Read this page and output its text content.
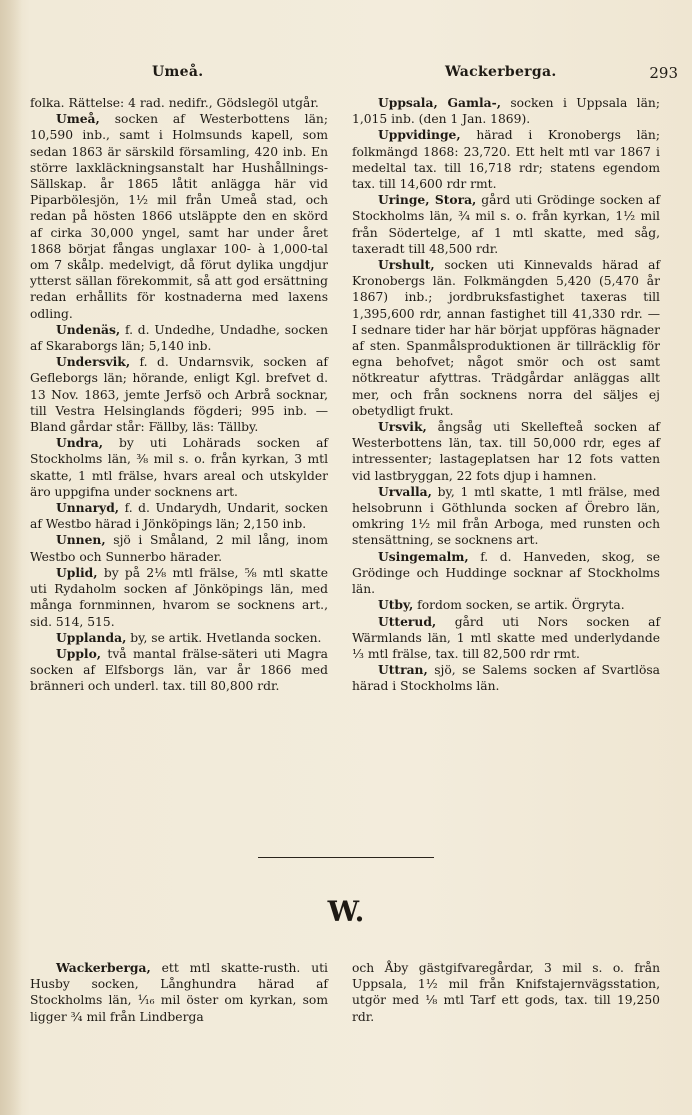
Umeå.	Wackerberga.	293

folka. Rättelse: 4 rad. nedifr., Gödslegöl utgår.

Umeå, socken af Westerbottens län; 10,590 inb., samt i Holmsunds kapell, som sedan 1863 är särskild församling, 420 inb. En större laxkläckningsanstalt har Hushållnings-Sällskap. år 1865 låtit anlägga här vid Piparbölesjön, 1½ mil från Umeå stad, och redan på hösten 1866 utsläppte den en skörd af cirka 30,000 yngel, samt har under året 1868 börjat fångas unglaxar 100- à 1,000-tal om 7 skålp. medelvigt, då förut dylika ungdjur ytterst sällan förekommit, så att god ersättning redan erhållits för kostnaderna med laxens odling.

Undenäs, f. d. Undedhe, Undadhe, socken af Skaraborgs län; 5,140 inb.

Undersvik, f. d. Undarnsvik, socken af Gefleborgs län; hörande, enligt Kgl. brefvet d. 13 Nov. 1863, jemte Jerfsö och Arbrå socknar, till Vestra Helsinglands fögderi; 995 inb. — Bland gårdar står: Fällby, läs: Tällby.

Undra, by uti Lohärads socken af Stockholms län, ⅜ mil s. o. från kyrkan, 3 mtl skatte, 1 mtl frälse, hvars areal och utskylder äro uppgifna under socknens art.

Unnaryd, f. d. Undarydh, Undarit, socken af Westbo härad i Jönköpings län; 2,150 inb.

Unnen, sjö i Småland, 2 mil lång, inom Westbo och Sunnerbo härader.

Uplid, by på 2⅛ mtl frälse, ⅝ mtl skatte uti Rydaholm socken af Jönköpings län, med många fornminnen, hvarom se socknens art., sid. 514, 515.

Upplanda, by, se artik. Hvetlanda socken.

Upplo, två mantal frälse-säteri uti Magra socken af Elfsborgs län, var år 1866 med bränneri och underl. tax. till 80,800 rdr.

Uppsala, Gamla-, socken i Uppsala län; 1,015 inb. (den 1 Jan. 1869).

Uppvidinge, härad i Kronobergs län; folkmängd 1868: 23,720. Ett helt mtl var 1867 i medeltal tax. till 16,718 rdr; statens egendom tax. till 14,600 rdr rmt.

Uringe, Stora, gård uti Grödinge socken af Stockholms län, ¾ mil s. o. från kyrkan, 1½ mil från Södertelge, af 1 mtl skatte, med såg, taxeradt till 48,500 rdr.

Urshult, socken uti Kinnevalds härad af Kronobergs län. Folkmängden 5,420 (5,470 år 1867) inb.; jordbruksfastighet taxeras till 1,395,600 rdr, annan fastighet till 41,330 rdr. — I sednare tider har här börjat uppföras hägnader af sten. Spanmålsproduktionen är tillräcklig för egna behofvet; något smör och ost samt nötkreatur afyttras. Trädgårdar anläggas allt mer, och från socknens norra del säljes ej obetydligt frukt.

Ursvik, ångsåg uti Skellefteå socken af Westerbottens län, tax. till 50,000 rdr, eges af intressenter; lastageplatsen har 12 fots vatten vid lastbryggan, 22 fots djup i hamnen.

Urvalla, by, 1 mtl skatte, 1 mtl frälse, med helsobrunn i Göthlunda socken af Örebro län, omkring 1½ mil från Arboga, med runsten och stensättning, se socknens art.

Usingemalm, f. d. Hanveden, skog, se Grödinge och Huddinge socknar af Stockholms län.

Utby, fordom socken, se artik. Örgryta.

Utterud, gård uti Nors socken af Wärmlands län, 1 mtl skatte med underlydande ⅓ mtl frälse, tax. till 82,500 rdr rmt.

Uttran, sjö, se Salems socken af Svartlösa härad i Stockholms län.

W.

Wackerberga, ett mtl skatte-rusth. uti Husby socken, Långhundra härad af Stockholms län, ¹⁄₁₆ mil öster om kyrkan, som ligger ¾ mil från Lindberga

och Åby gästgifvaregårdar, 3 mil s. o. från Uppsala, 1½ mil från Knifstajernvägsstation, utgör med ⅛ mtl Tarf ett gods, tax. till 19,250 rdr.
